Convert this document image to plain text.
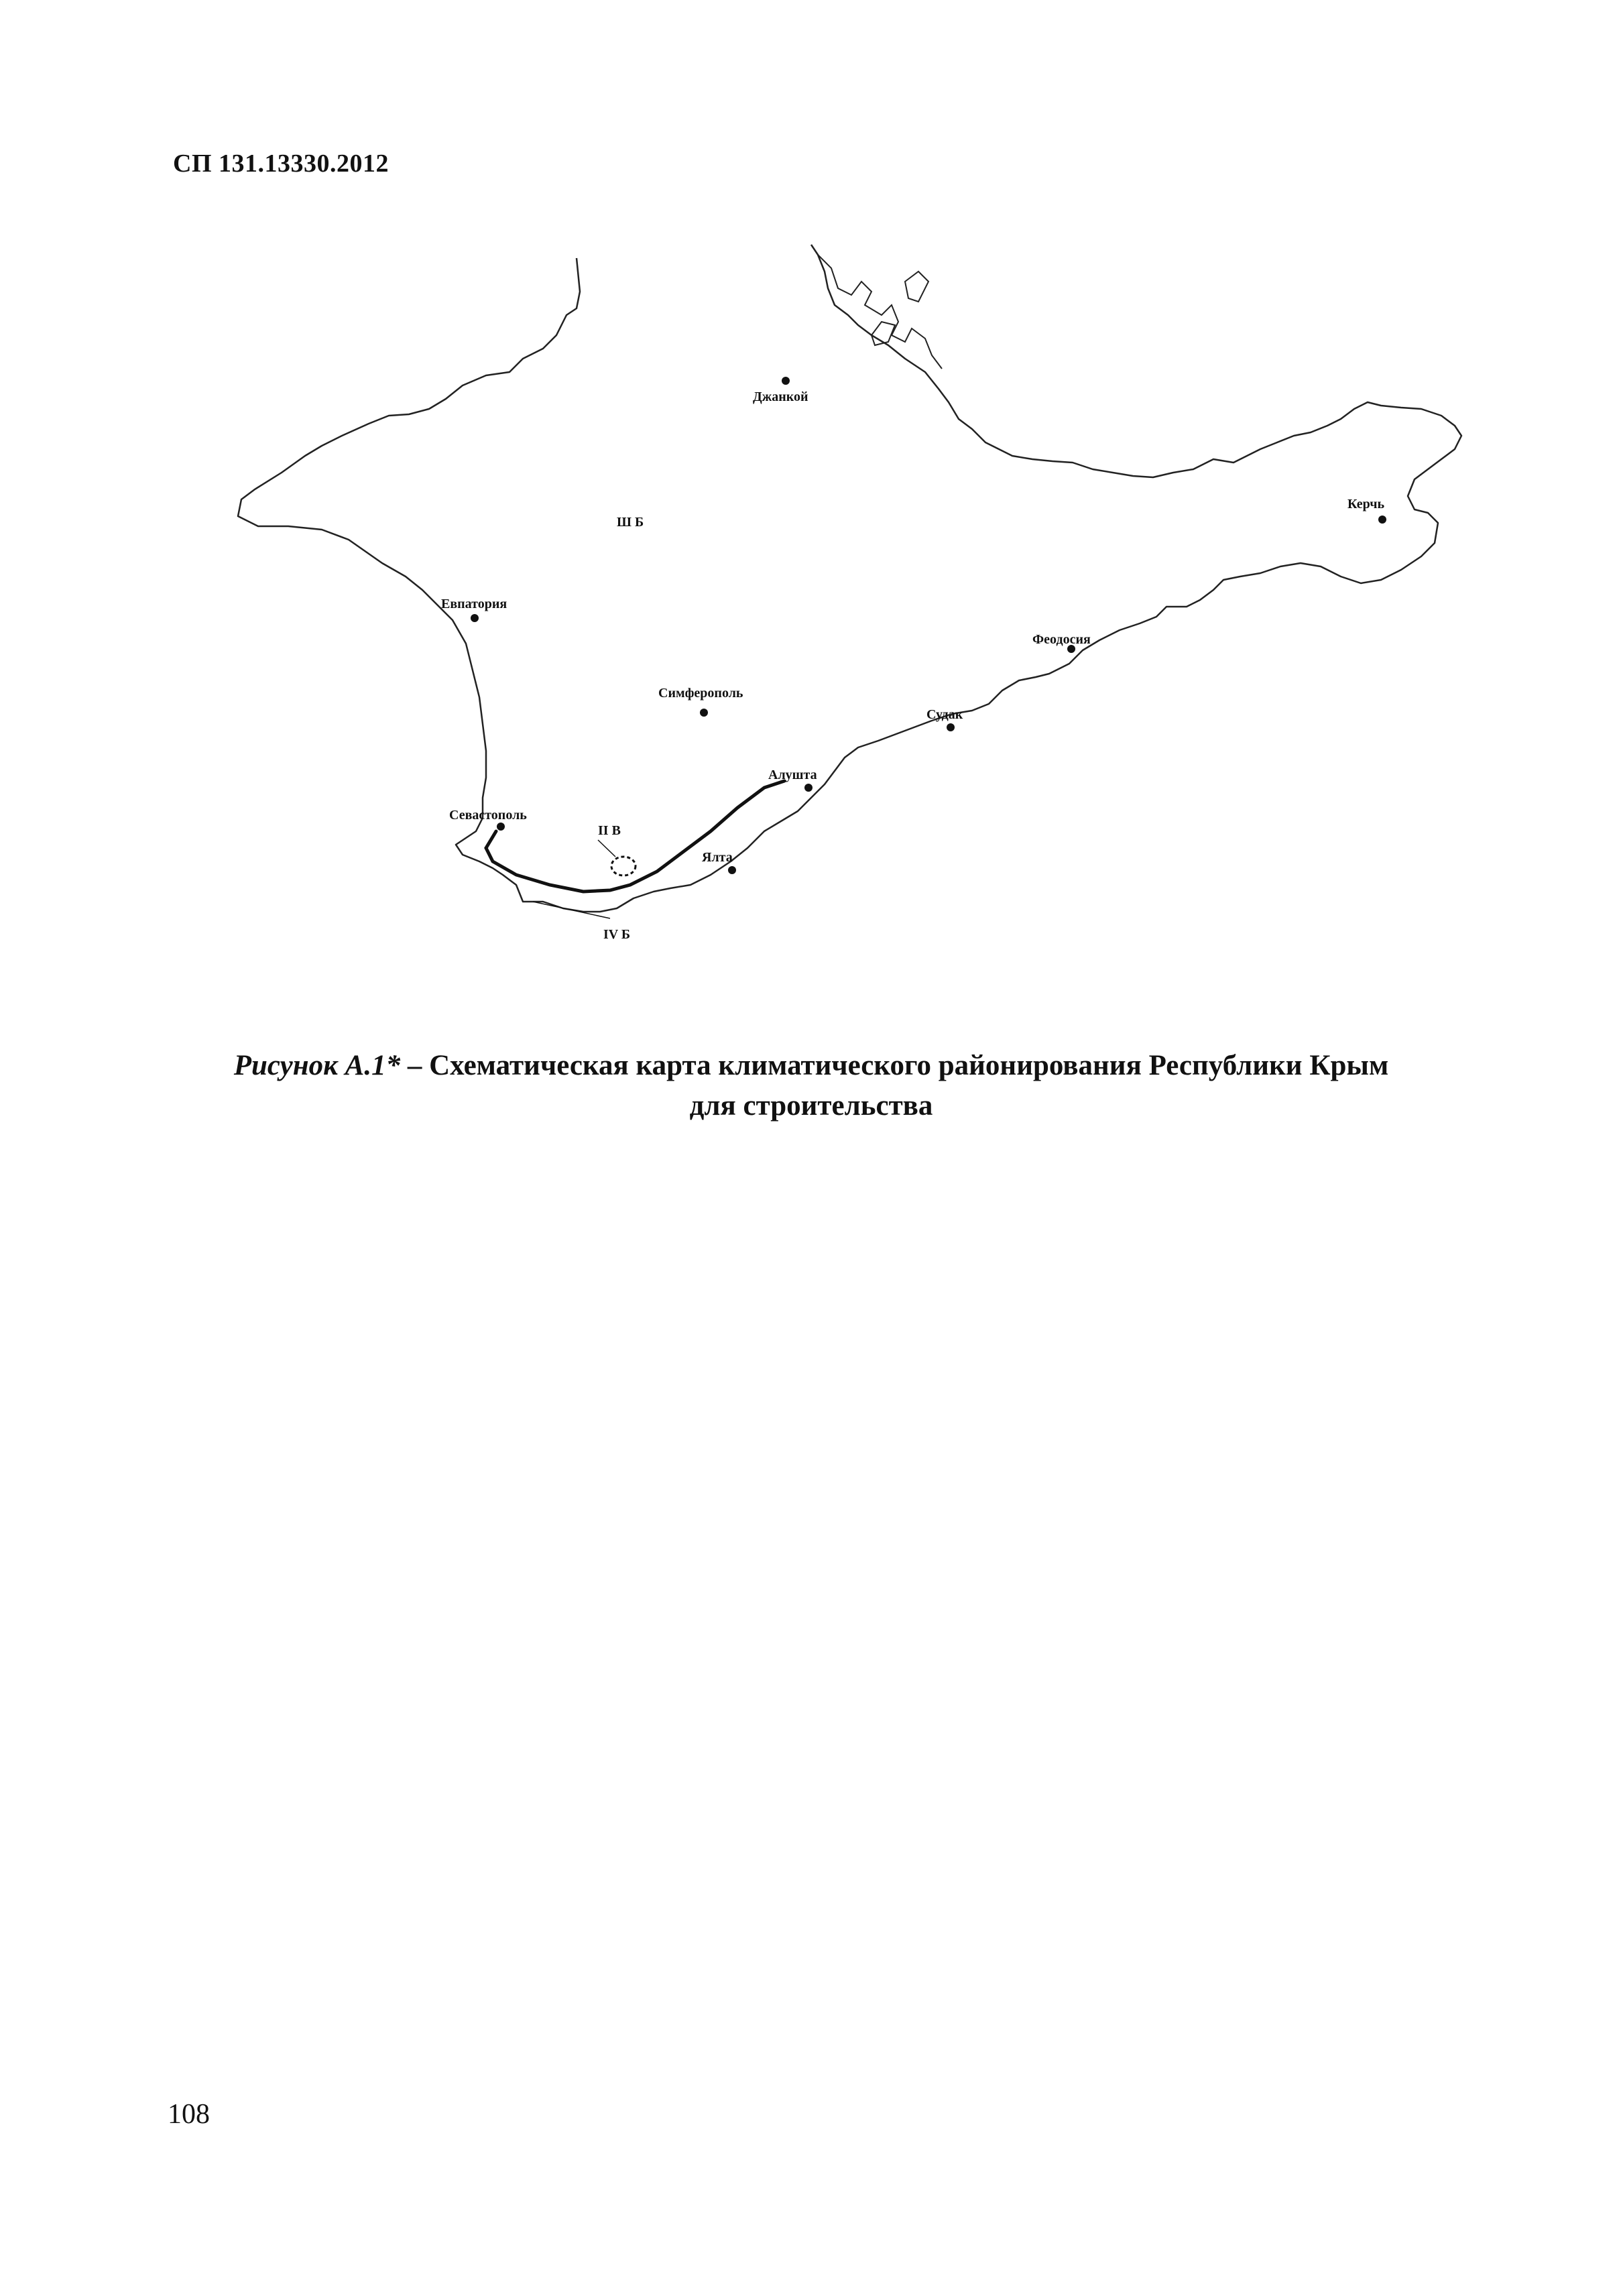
СП 131.13330.2012
Ш Б
II В
IV Б
Джанкой
Керчь
Евпатория
Симферополь
Феодосия
Судак
Алушта
Севастополь
Ялта
Рисунок А.1* – Схематическая карта климатического районирования Республики Крым
для строительства
108
